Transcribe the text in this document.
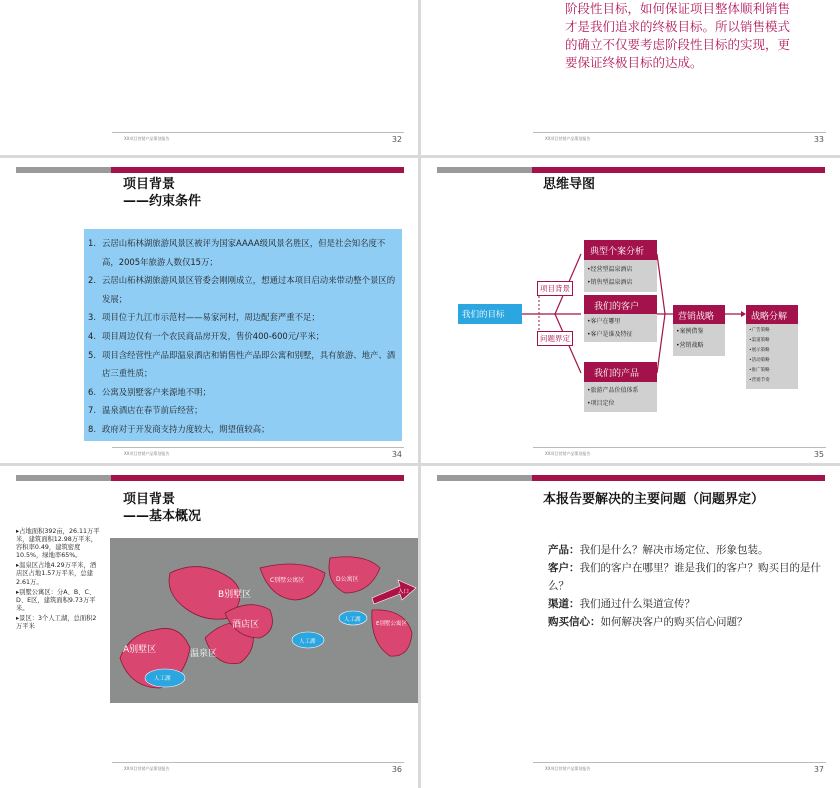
XX项目营销产品策划报告	32
阶段性目标，如何保证项目整体顺利销售
才是我们追求的终极目标。所以销售模式
的确立不仅要考虑阶段性目标的实现，更
要保证终极目标的达成。
XX项目营销产品策划报告	33
项目背景
——约束条件
1. 云居山柘林湖旅游风景区被评为国家AAAA级风景名胜区，但是社会知名度不高，2005年旅游人数仅15万；
2. 云居山柘林湖旅游风景区管委会刚刚成立，想通过本项目启动来带动整个景区的发展；
3. 项目位于九江市示范村——易家河村，周边配套严重不足；
4. 项目周边仅有一个农民商品房开发，售价400-600元/平米；
5. 项目含经营性产品即温泉酒店和销售性产品即公寓和别墅，具有旅游、地产、酒店三重性质；
6. 公寓及别墅客户来源地不明；
7. 温泉酒店在春节前后经营；
8. 政府对于开发商支持力度较大，期望值较高；
XX项目营销产品策划报告	34
思维导图
我们的目标
项目背景
问题界定
典型个案分析
•经营型温泉酒店
•销售型温泉酒店
我们的客户
•客户在哪里
•客户是谁及特征
我们的产品
•旅游产品价值体系
•项目定位
营销战略
•案例借鉴
•营销战略
战略分解
•广告策略
•渠道策略
•展示策略
•活动策略
•推广策略
•营销节奏
XX项目营销产品策划报告	35
项目背景
——基本概况
▸占地面积392亩，26.11万平米，建筑面积12.98万平米，容积率0.49，建筑密度10.5%，绿地率65%。
▸温泉区占地4.29万平米，酒店区占地1.57万平米，总建2.61万。
▸别墅公寓区：分A、B、C、D、E区，建筑面积9.73万平米。
▸景区：3个人工湖，总面积2万平米
A别墅区
B别墅区
C别墅公寓区	D公寓区
E别墅公寓区
酒店区
温泉区
人工湖
人工湖
人工湖
入口
XX项目营销产品策划报告	36
本报告要解决的主要问题（问题界定）
产品：我们是什么？解决市场定位、形象包装。
客户：我们的客户在哪里？谁是我们的客户？购买目的是什么？
渠道：我们通过什么渠道宣传？
购买信心：如何解决客户的购买信心问题？
XX项目营销产品策划报告	37
